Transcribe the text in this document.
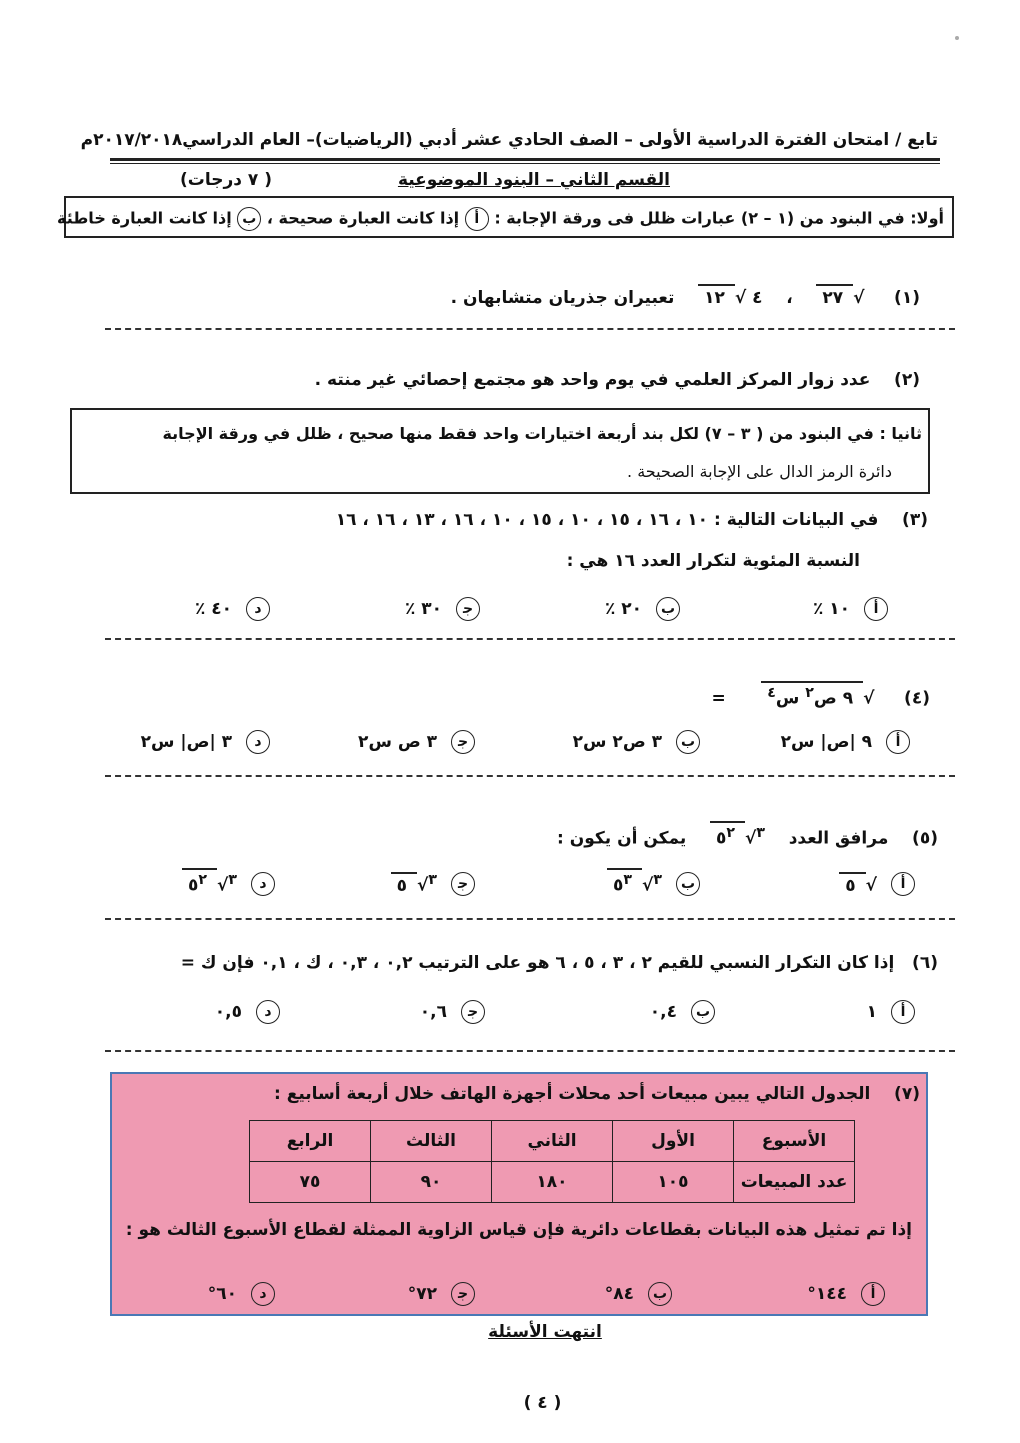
تابع / امتحان الفترة الدراسية الأولى – الصف الحادي عشر أدبي (الرياضيات)– العام الدراسي٢٠١٧/٢٠١٨م
القسم الثاني – البنود الموضوعية
( ٧ درجات)
أولا: في البنود من (١ – ٢) عبارات ظلل فى ورقة الإجابة : أ إذا كانت العبارة صحيحة ، ب إذا كانت العبارة خاطئة
(١)     √٢٧    ،    ٤ √١٢    تعبيران جذريان متشابهان .
(٢)    عدد زوار المركز العلمي في يوم واحد هو مجتمع إحصائي غير منته .
ثانيا : في البنود من ( ٣ – ٧) لكل بند أربعة اختيارات واحد فقط منها صحيح ، ظلل في ورقة الإجابة
دائرة الرمز الدال على الإجابة الصحيحة .
(٣)    في البيانات التالية : ١٠ ، ١٦ ، ١٥ ، ١٠ ، ١٥ ، ١٠ ، ١٦ ، ١٣ ، ١٦ ، ١٦
النسبة المئوية لتكرار العدد ١٦ هي :
أ
١٠ ٪
ب
٢٠ ٪
ﺟ
٣٠ ٪
د
٤٠ ٪
(٤)     √٩ ص$^٢$ س$^٤$      =
أ
٩ |ص| س٢
ب
٣ ص٢ س٢
ﺟ
٣ ص س٢
د
٣ |ص| س٢
(٥)    مرافق العدد    $^٣√٥^٢$    يمكن أن يكون :
أ
√٥
ب
$^٣√٥^٣$
ﺟ
$^٣$√٥
د
$^٣√٥^٢$
(٦)   إذا كان التكرار النسبي للقيم ٢ ، ٣ ، ٥ ، ٦ هو على الترتيب ٠,٢ ، ٠,٣ ، ك ، ٠,١ فإن ك =
أ
١
ب
٠,٤
ﺟ
٠,٦
د
٠,٥
(٧)    الجدول التالي يبين مبيعات أحد محلات أجهزة الهاتف خلال أربعة أسابيع :
الأسبوع	الأول	الثاني	الثالث	الرابع
عدد المبيعات	١٠٥	١٨٠	٩٠	٧٥
إذا تم تمثيل هذه البيانات بقطاعات دائرية فإن قياس الزاوية الممثلة لقطاع الأسبوع الثالث هو :
أ
١٤٤°
ب
٨٤°
ﺟ
٧٢°
د
٦٠°
انتهت الأسئلة
( ٤ )
